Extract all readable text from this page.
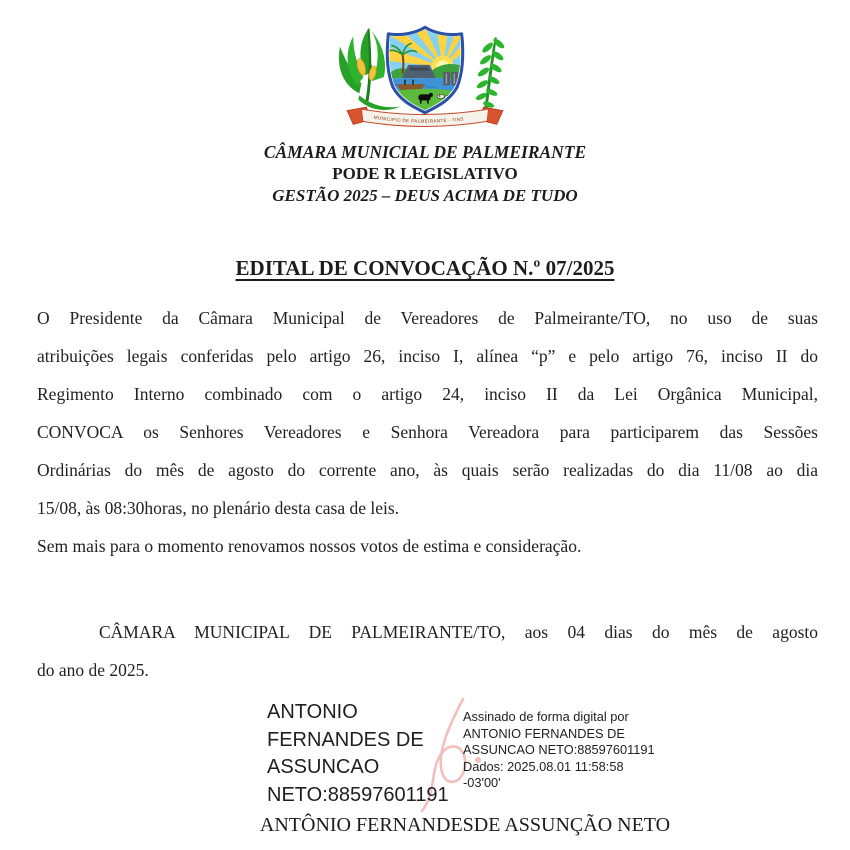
MUNICIPIO DE PALMEIRANTE - TINS
CÂMARA MUNICIAL DE PALMEIRANTE
PODE R LEGISLATIVO
GESTÃO 2025 – DEUS ACIMA DE TUDO
EDITAL DE CONVOCAÇÃO N.º 07/2025
O Presidente da Câmara Municipal de Vereadores de Palmeirante/TO, no uso de suas
atribuições legais conferidas pelo artigo 26, inciso I, alínea “p” e pelo artigo 76, inciso II do
Regimento Interno combinado com o artigo 24, inciso II da Lei Orgânica Municipal,
CONVOCA os Senhores Vereadores e Senhora Vereadora para participarem das Sessões
Ordinárias do mês de agosto do corrente ano, às quais serão realizadas do dia 11/08 ao dia
15/08, às 08:30horas, no plenário desta casa de leis.
Sem mais para o momento renovamos nossos votos de estima e consideração.
CÂMARA MUNICIPAL DE PALMEIRANTE/TO, aos 04 dias do mês de agosto
do ano de 2025.
ANTONIO
FERNANDES DE
ASSUNCAO
NETO:88597601191
Assinado de forma digital por
ANTONIO FERNANDES DE
ASSUNCAO NETO:88597601191
Dados: 2025.08.01 11:58:58
-03'00'
ANTÔNIO FERNANDESDE ASSUNÇÃO NETO
